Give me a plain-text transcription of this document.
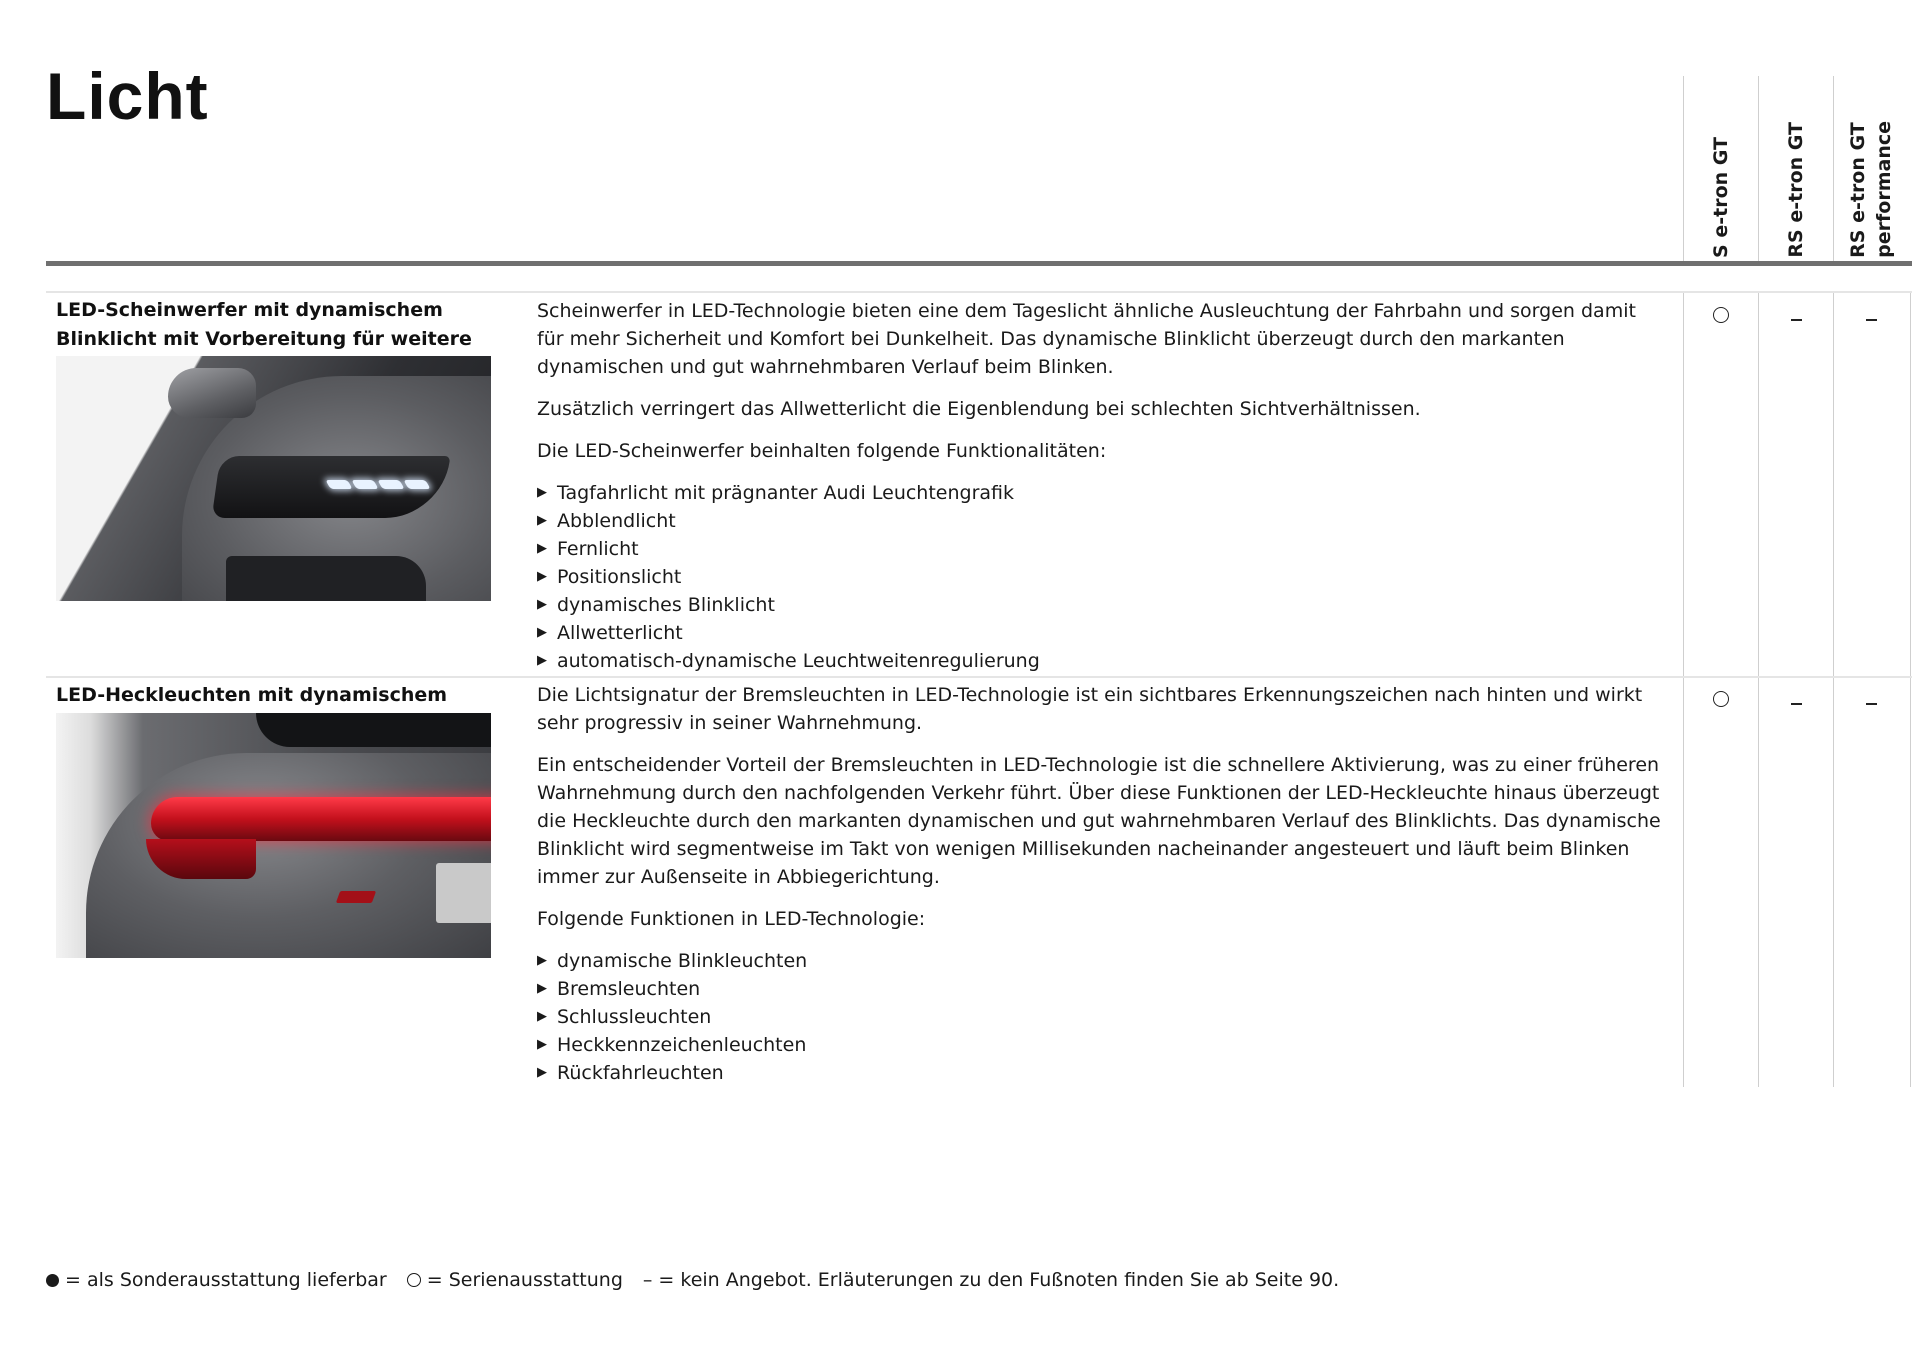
Licht
S e-tron GT	RS e-tron GT RS e-tron GT
performance
LED-Scheinwerfer mit dynamischem Blinklicht mit Vorbereitung für weitere

Scheinwerfer in LED-Technologie bieten eine dem Tageslicht ähnliche Ausleuchtung der Fahrbahn und sorgen damit für mehr Sicherheit und Komfort bei Dunkelheit. Das dynamische Blinklicht überzeugt durch den markanten dynamischen und gut wahrnehmbaren Verlauf beim Blinken.

Zusätzlich verringert das Allwetterlicht die Eigenblendung bei schlechten Sichtverhältnissen.

Die LED-Scheinwerfer beinhalten folgende Funktionalitäten:

▶ Tagfahrlicht mit prägnanter Audi Leuchtengrafik
▶ Abblendlicht
▶ Fernlicht
▶ Positionslicht
▶ dynamisches Blinklicht
▶ Allwetterlicht
▶ automatisch-dynamische Leuchtweitenregulierung
LED-Heckleuchten mit dynamischem	Die Lichtsignatur der Bremsleuchten in LED-Technologie ist ein sichtbares Erkennungszeichen nach hinten und wirkt sehr progressiv in seiner Wahrnehmung.

Ein entscheidender Vorteil der Bremsleuchten in LED-Technologie ist die schnellere Aktivierung, was zu einer früheren Wahrnehmung durch den nachfolgenden Verkehr führt. Über diese Funktionen der LED-Heckleuchte hinaus überzeugt die Heckleuchte durch den markanten dynamischen und gut wahrnehmbaren Verlauf des Blinklichts. Das dynamische Blinklicht wird segmentweise im Takt von wenigen Millisekunden nacheinander angesteuert und läuft beim Blinken immer zur Außenseite in Abbiegerichtung.

Folgende Funktionen in LED-Technologie:

▶ dynamische Blinkleuchten
▶ Bremsleuchten
▶ Schlussleuchten
▶ Heckkennzeichenleuchten
▶ Rückfahrleuchten
= als Sonderausstattung lieferbar = Serienausstattung – = kein Angebot. Erläuterungen zu den Fußnoten finden Sie ab Seite 90.
